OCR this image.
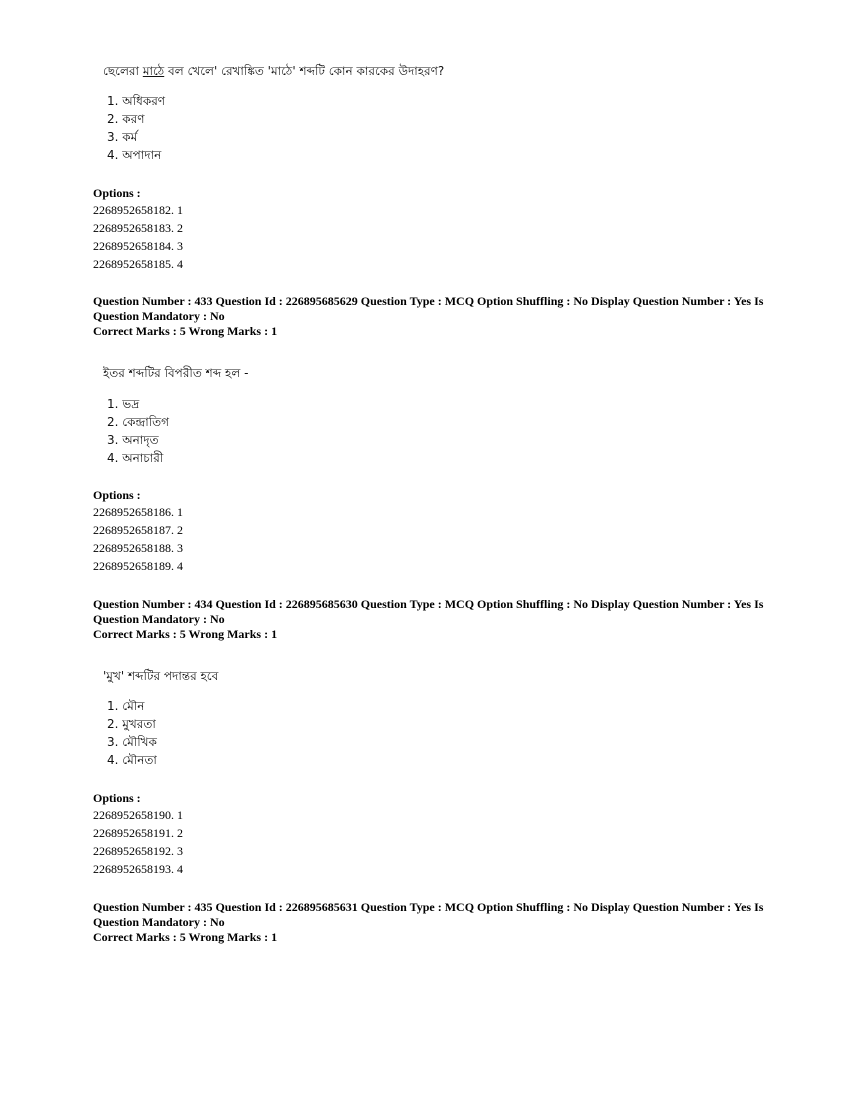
ছেলেরা মাঠে বল খেলে' রেখাঙ্কিত 'মাঠে' শব্দটি কোন কারকের উদাহরণ?
1. অধিকরণ
2. করণ
3. কর্ম
4. অপাদান
Options :
2268952658182. 1
2268952658183. 2
2268952658184. 3
2268952658185. 4
Question Number : 433 Question Id : 226895685629 Question Type : MCQ Option Shuffling : No Display Question Number : Yes Is
Question Mandatory : No
Correct Marks : 5 Wrong Marks : 1
ইতর শব্দটির বিপরীত শব্দ হল -
1. ভদ্র
2. কেন্দ্রাতিগ
3. অনাদৃত
4. অনাচারী
Options :
2268952658186. 1
2268952658187. 2
2268952658188. 3
2268952658189. 4
Question Number : 434 Question Id : 226895685630 Question Type : MCQ Option Shuffling : No Display Question Number : Yes Is
Question Mandatory : No
Correct Marks : 5 Wrong Marks : 1
'মুখ' শব্দটির পদান্তর হবে
1. মৌন
2. মুখরতা
3. মৌখিক
4. মৌনতা
Options :
2268952658190. 1
2268952658191. 2
2268952658192. 3
2268952658193. 4
Question Number : 435 Question Id : 226895685631 Question Type : MCQ Option Shuffling : No Display Question Number : Yes Is
Question Mandatory : No
Correct Marks : 5 Wrong Marks : 1
